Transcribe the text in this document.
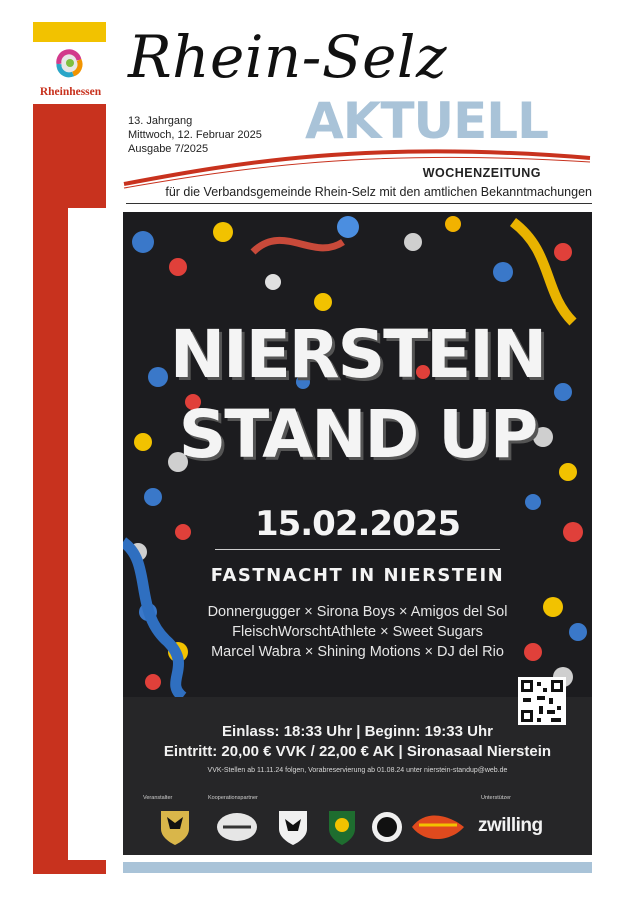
Rheinhessen
Rhein-Selz
AKTUELL
13. Jahrgang
Mittwoch, 12. Februar 2025
Ausgabe 7/2025
WOCHENZEITUNG
für die Verbandsgemeinde Rhein-Selz mit den amtlichen Bekanntmachungen
NIERSTEIN
STAND UP
15.02.2025
FASTNACHT IN NIERSTEIN
Donnergugger × Sirona Boys × Amigos del Sol
FleischWorschtAthlete × Sweet Sugars
Marcel Wabra × Shining Motions × DJ del Rio
Einlass: 18:33 Uhr | Beginn: 19:33 Uhr
Eintritt: 20,00 € VVK / 22,00 € AK | Sironasaal Nierstein
VVK-Stellen ab 11.11.24 folgen, Vorabreservierung ab 01.08.24 unter nierstein-standup@web.de
Veranstalter	Kooperationspartner	Unterstützer
zwilling
